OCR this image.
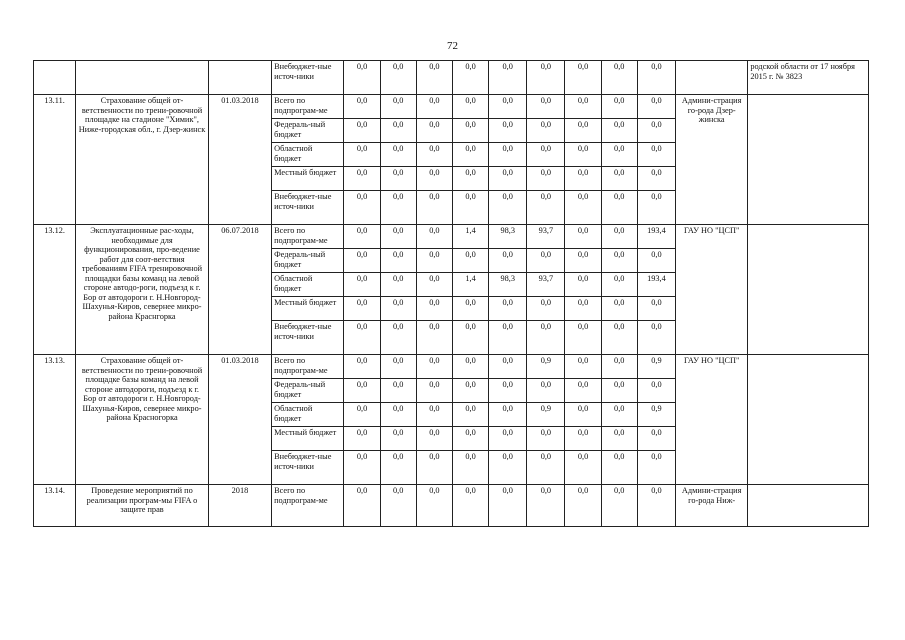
72
			Внебюджет-ные источ-ники	0,0	0,0	0,0	0,0	0,0	0,0	0,0	0,0	0,0		родской области от 17 ноября 2015 г. № 3823
13.11.	Страхование общей от-ветственности по трени-ровочной площадке на стадионе "Химик", Ниже-городская обл., г. Дзер-жинск	01.03.2018	Всего по подпрограм-ме	0,0	0,0	0,0	0,0	0,0	0,0	0,0	0,0	0,0	Админи-страция го-рода Дзер-жинска	
			Федераль-ный бюджет	0,0	0,0	0,0	0,0	0,0	0,0	0,0	0,0	0,0		
			Областной бюджет	0,0	0,0	0,0	0,0	0,0	0,0	0,0	0,0	0,0		
			Местный бюджет	0,0	0,0	0,0	0,0	0,0	0,0	0,0	0,0	0,0		
			Внебюджет-ные источ-ники	0,0	0,0	0,0	0,0	0,0	0,0	0,0	0,0	0,0		
13.12.	Эксплуатационные рас-ходы, необходимые для функционирования, про-ведение работ для соот-ветствия требованиям FIFA тренировочной площадки базы команд на левой стороне автодо-роги, подъезд к г. Бор от автодороги г. Н.Новгород-Шахунья-Киров, севернее микро-района Краснгорка	06.07.2018	Всего по подпрограм-ме	0,0	0,0	0,0	1,4	98,3	93,7	0,0	0,0	193,4	ГАУ НО "ЦСП"	
			Федераль-ный бюджет	0,0	0,0	0,0	0,0	0,0	0,0	0,0	0,0	0,0		
			Областной бюджет	0,0	0,0	0,0	1,4	98,3	93,7	0,0	0,0	193,4		
			Местный бюджет	0,0	0,0	0,0	0,0	0,0	0,0	0,0	0,0	0,0		
			Внебюджет-ные источ-ники	0,0	0,0	0,0	0,0	0,0	0,0	0,0	0,0	0,0		
13.13.	Страхование общей от-ветственности по трени-ровочной площадке базы команд на левой стороне автодороги, подъезд к г. Бор от автодороги г. Н.Новгород-Шахунья-Киров, севернее микро-района Красногорка	01.03.2018	Всего по подпрограм-ме	0,0	0,0	0,0	0,0	0,0	0,9	0,0	0,0	0,9	ГАУ НО "ЦСП"	
			Федераль-ный бюджет	0,0	0,0	0,0	0,0	0,0	0,0	0,0	0,0	0,0		
			Областной бюджет	0,0	0,0	0,0	0,0	0,0	0,9	0,0	0,0	0,9		
			Местный бюджет	0,0	0,0	0,0	0,0	0,0	0,0	0,0	0,0	0,0		
			Внебюджет-ные источ-ники	0,0	0,0	0,0	0,0	0,0	0,0	0,0	0,0	0,0		
13.14.	Проведение мероприятий по реализации програм-мы FIFA о защите прав	2018	Всего по подпрограм-ме	0,0	0,0	0,0	0,0	0,0	0,0	0,0	0,0	0,0	Админи-страция го-рода Ниж-	
